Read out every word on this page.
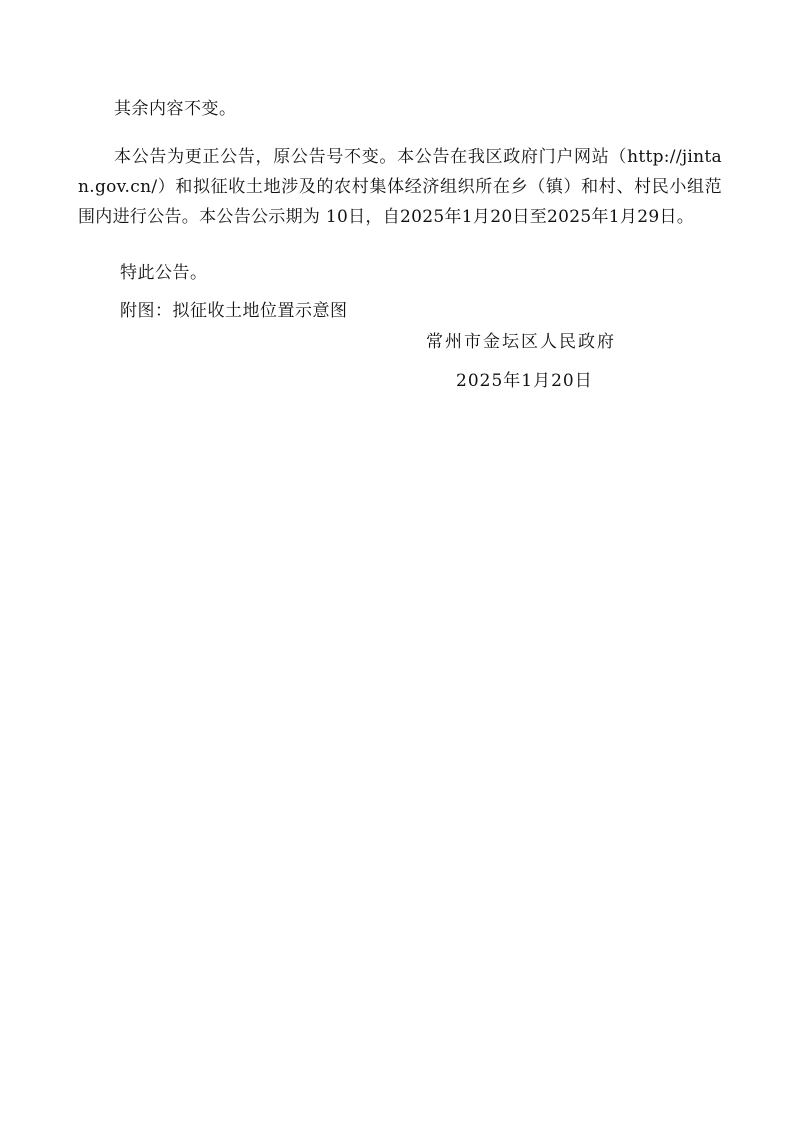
其余内容不变。
本公告为更正公告，原公告号不变。本公告在我区政府门户网站（http://jintan.gov.cn/）和拟征收土地涉及的农村集体经济组织所在乡（镇）和村、村民小组范围内进行公告。本公告公示期为 10日，自2025年1月20日至2025年1月29日。
特此公告。
附图：拟征收土地位置示意图
常州市金坛区人民政府
2025年1月20日
